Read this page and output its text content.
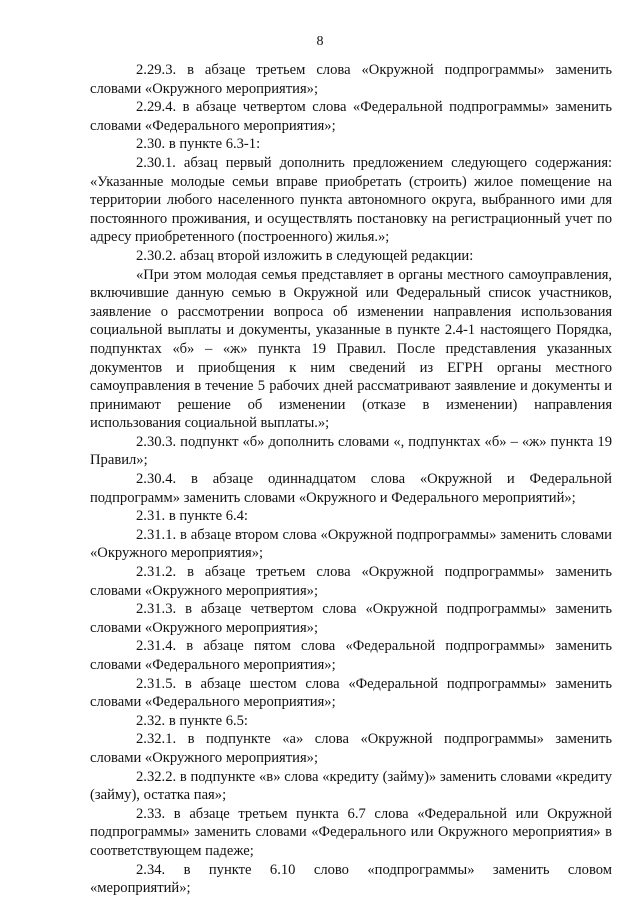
8

2.29.3. в абзаце третьем слова «Окружной подпрограммы» заменить словами «Окружного мероприятия»;

2.29.4. в абзаце четвертом слова «Федеральной подпрограммы» заменить словами «Федерального мероприятия»;

2.30. в пункте 6.3-1:

2.30.1. абзац первый дополнить предложением следующего содержания: «Указанные молодые семьи вправе приобретать (строить) жилое помещение на территории любого населенного пункта автономного округа, выбранного ими для постоянного проживания, и осуществлять постановку на регистрационный учет по адресу приобретенного (построенного) жилья.»;

2.30.2. абзац второй изложить в следующей редакции:

«При этом молодая семья представляет в органы местного самоуправления, включившие данную семью в Окружной или Федеральный список участников, заявление о рассмотрении вопроса об изменении направления использования социальной выплаты и документы, указанные в пункте 2.4-1 настоящего Порядка, подпунктах «б» – «ж» пункта 19 Правил. После представления указанных документов и приобщения к ним сведений из ЕГРН органы местного самоуправления в течение 5 рабочих дней рассматривают заявление и документы и принимают решение об изменении (отказе в изменении) направления использования социальной выплаты.»;

2.30.3. подпункт «б» дополнить словами «, подпунктах «б» – «ж» пункта 19 Правил»;

2.30.4. в абзаце одиннадцатом слова «Окружной и Федеральной подпрограмм» заменить словами «Окружного и Федерального мероприятий»;

2.31. в пункте 6.4:

2.31.1. в абзаце втором слова «Окружной подпрограммы» заменить словами «Окружного мероприятия»;

2.31.2. в абзаце третьем слова «Окружной подпрограммы» заменить словами «Окружного мероприятия»;

2.31.3. в абзаце четвертом слова «Окружной подпрограммы» заменить словами «Окружного мероприятия»;

2.31.4. в абзаце пятом слова «Федеральной подпрограммы» заменить словами «Федерального мероприятия»;

2.31.5. в абзаце шестом слова «Федеральной подпрограммы» заменить словами «Федерального мероприятия»;

2.32. в пункте 6.5:

2.32.1. в подпункте «а» слова «Окружной подпрограммы» заменить словами «Окружного мероприятия»;

2.32.2. в подпункте «в» слова «кредиту (займу)» заменить словами «кредиту (займу), остатка пая»;

2.33. в абзаце третьем пункта 6.7 слова «Федеральной или Окружной подпрограммы» заменить словами «Федерального или Окружного мероприятия» в соответствующем падеже;

2.34. в пункте 6.10 слово «подпрограммы» заменить словом «мероприятий»;
